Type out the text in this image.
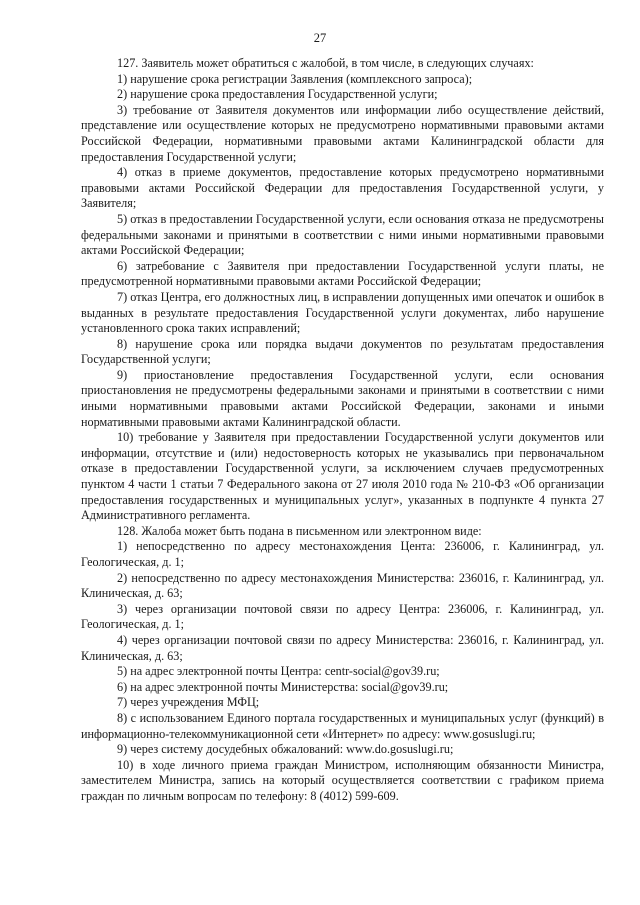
27

127. Заявитель может обратиться с жалобой, в том числе, в следующих случаях:

1) нарушение срока регистрации Заявления (комплексного запроса);

2) нарушение срока предоставления Государственной услуги;

3) требование от Заявителя документов или информации либо осуществление действий, представление или осуществление которых не предусмотрено нормативными правовыми актами Российской Федерации, нормативными правовыми актами Калининградской области для предоставления Государственной услуги;

4) отказ в приеме документов, предоставление которых предусмотрено нормативными правовыми актами Российской Федерации для предоставления Государственной услуги, у Заявителя;

5) отказ в предоставлении Государственной услуги, если основания отказа не предусмотрены федеральными законами и принятыми в соответствии с ними иными нормативными правовыми актами Российской Федерации;

6) затребование с Заявителя при предоставлении Государственной услуги платы, не предусмотренной нормативными правовыми актами Российской Федерации;

7) отказ Центра, его должностных лиц, в исправлении допущенных ими опечаток и ошибок в выданных в результате предоставления Государственной услуги документах, либо нарушение установленного срока таких исправлений;

8) нарушение срока или порядка выдачи документов по результатам предоставления Государственной услуги;

9) приостановление предоставления Государственной услуги, если основания приостановления не предусмотрены федеральными законами и принятыми в соответствии с ними иными нормативными правовыми актами Российской Федерации, законами и иными нормативными правовыми актами Калининградской области.

10) требование у Заявителя при предоставлении Государственной услуги документов или информации, отсутствие и (или) недостоверность которых не указывались при первоначальном отказе в предоставлении Государственной услуги, за исключением случаев предусмотренных пунктом 4 части 1 статьи 7 Федерального закона от 27 июля 2010 года № 210-ФЗ «Об организации предоставления государственных и муниципальных услуг», указанных в подпункте 4 пункта 27 Административного регламента.

128. Жалоба может быть подана в письменном или электронном виде:

1) непосредственно по адресу местонахождения Цента: 236006, г. Калининград, ул. Геологическая, д. 1;

2) непосредственно по адресу местонахождения Министерства: 236016, г. Калининград, ул. Клиническая, д. 63;

3) через организации почтовой связи по адресу Центра: 236006, г. Калининград, ул. Геологическая, д. 1;

4) через организации почтовой связи по адресу Министерства: 236016, г. Калининград, ул. Клиническая, д. 63;

5) на адрес электронной почты Центра: centr-social@gov39.ru;

6) на адрес электронной почты Министерства: social@gov39.ru;

7) через учреждения МФЦ;

8) с использованием Единого портала государственных и муниципальных услуг (функций) в информационно-телекоммуникационной сети «Интернет» по адресу: www.gosuslugi.ru;

9) через систему досудебных обжалований: www.do.gosuslugi.ru;

10) в ходе личного приема граждан Министром, исполняющим обязанности Министра, заместителем Министра, запись на который осуществляется соответствии с графиком приема граждан по личным вопросам по телефону: 8 (4012) 599-609.
